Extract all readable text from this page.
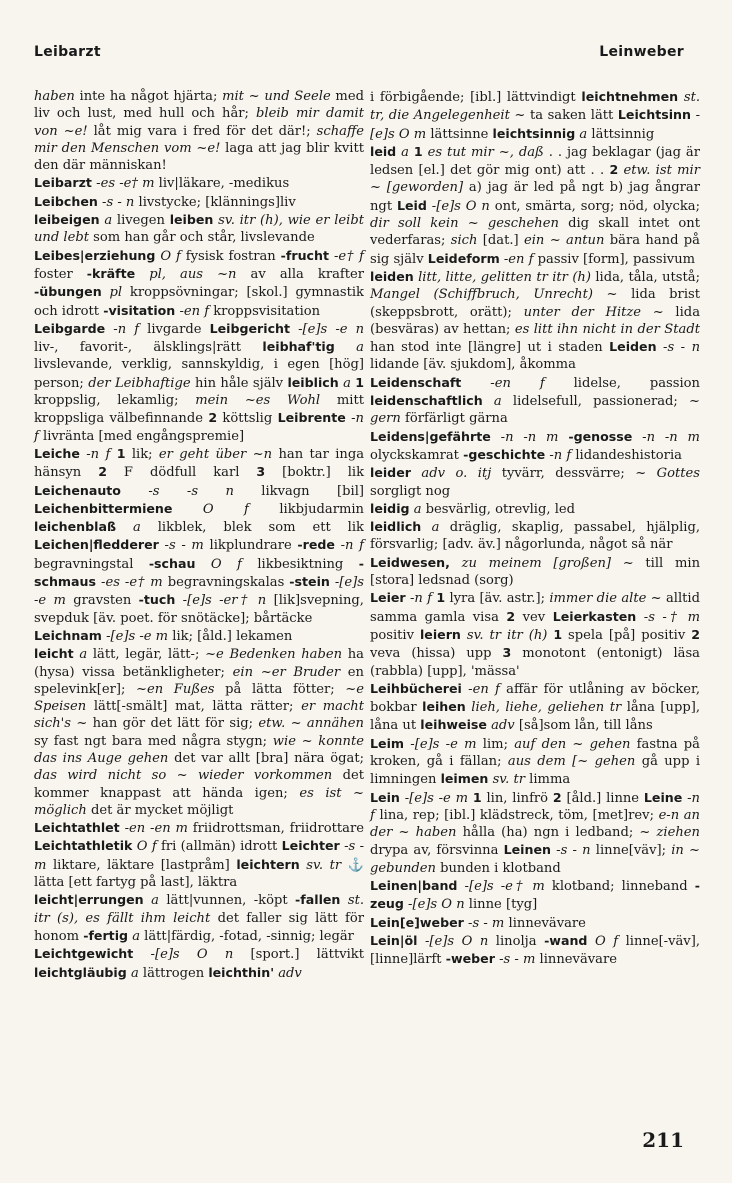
Leibarzt	Leinweber

haben inte ha något hjärta; mit ~ und Seele med liv och lust, med hull och hår; bleib mir damit von ~e! låt mig vara i fred för det där!; schaffe mir den Menschen vom ~e! laga att jag blir kvitt den där människan!

Leibarzt -es -e† m liv|läkare, -medikus

Leibchen -s - n livstycke; [klännings]liv

leibeigen a livegen leiben sv. itr (h), wie er leibt und lebt som han går och står, livslevande

Leibes|erziehung O f fysisk fostran -frucht -e† f foster -kräfte pl, aus ~n av alla krafter -übungen pl kroppsövningar; [skol.] gymnastik och idrott -visitation -en f kroppsvisitation

Leibgarde -n f livgarde Leibgericht -[e]s -e n liv-, favorit-, älsklings|rätt leibhaf'tig a livslevande, verklig, sannskyldig, i egen [hög] person; der Leibhaftige hin håle själv leiblich a 1 kroppslig, lekamlig; mein ~es Wohl mitt kroppsliga välbefinnande 2 köttslig Leibrente -n f livränta [med engångspremie]

Leiche -n f 1 lik; er geht über ~n han tar inga hänsyn 2 F dödfull karl 3 [boktr.] lik Leichenauto -s -s n likvagn [bil] Leichenbittermiene O f likbjudarmin leichenblaß a likblek, blek som ett lik Leichen|fledderer -s - m likplundrare -rede -n f begravningstal -schau O f likbesiktning -schmaus -es -e† m begravningskalas -stein -[e]s -e m gravsten -tuch -[e]s -er† n [lik]svepning, svepduk [äv. poet. för snötäcke]; bårtäcke

Leichnam -[e]s -e m lik; [åld.] lekamen

leicht a lätt, legär, lätt-; ~e Bedenken haben ha (hysa) vissa betänkligheter; ein ~er Bruder en spelevink[er]; ~en Fußes på lätta fötter; ~e Speisen lätt[-smält] mat, lätta rätter; er macht sich's ~ han gör det lätt för sig; etw. ~ annähen sy fast ngt bara med några stygn; wie ~ konnte das ins Auge gehen det var allt [bra] nära ögat; das wird nicht so ~ wieder vorkommen det kommer knappast att hända igen; es ist ~ möglich det är mycket möjligt

Leichtathlet -en -en m friidrottsman, friidrottare Leichtathletik O f fri (allmän) idrott Leichter -s - m liktare, läktare [lastpråm] leichtern sv. tr ⚓ lätta [ett fartyg på last], läktra

leicht|errungen a lätt|vunnen, -köpt -fallen st. itr (s), es fällt ihm leicht det faller sig lätt för honom -fertig a lätt|färdig, -fotad, -sinnig; legär

Leichtgewicht -[e]s O n [sport.] lättvikt leichtgläubig a lättrogen leichthin' adv

i förbigående; [ibl.] lättvindigt leichtnehmen st. tr, die Angelegenheit ~ ta saken lätt Leichtsinn -[e]s O m lättsinne leichtsinnig a lättsinnig

leid a 1 es tut mir ~, daß . . jag beklagar (jag är ledsen [el.] det gör mig ont) att . . 2 etw. ist mir ~ [geworden] a) jag är led på ngt b) jag ångrar ngt Leid -[e]s O n ont, smärta, sorg; nöd, olycka; dir soll kein ~ geschehen dig skall intet ont vederfaras; sich [dat.] ein ~ antun bära hand på sig själv Leideform -en f passiv [form], passivum

leiden litt, litte, gelitten tr itr (h) lida, tåla, utstå; Mangel (Schiffbruch, Unrecht) ~ lida brist (skeppsbrott, orätt); unter der Hitze ~ lida (besväras) av hettan; es litt ihn nicht in der Stadt han stod inte [längre] ut i staden Leiden -s - n lidande [äv. sjukdom], åkomma

Leidenschaft -en f lidelse, passion leidenschaftlich a lidelsefull, passionerad; ~ gern förfärligt gärna

Leidens|gefährte -n -n m -genosse -n -n m olyckskamrat -geschichte -n f lidandeshistoria

leider adv o. itj tyvärr, dessvärre; ~ Gottes sorgligt nog

leidig a besvärlig, otrevlig, led

leidlich a dräglig, skaplig, passabel, hjälplig, försvarlig; [adv. äv.] någorlunda, något så när

Leidwesen, zu meinem [großen] ~ till min [stora] ledsnad (sorg)

Leier -n f 1 lyra [äv. astr.]; immer die alte ~ alltid samma gamla visa 2 vev Leierkasten -s -† m positiv leiern sv. tr itr (h) 1 spela [på] positiv 2 veva (hissa) upp 3 monotont (entonigt) läsa (rabbla) [upp], 'mässa'

Leihbücherei -en f affär för utlåning av böcker, bokbar leihen lieh, liehe, geliehen tr låna [upp], låna ut leihweise adv [så]som lån, till låns

Leim -[e]s -e m lim; auf den ~ gehen fastna på kroken, gå i fällan; aus dem [~ gehen gå upp i limningen leimen sv. tr limma

Lein -[e]s -e m 1 lin, linfrö 2 [åld.] linne Leine -n f lina, rep; [ibl.] klädstreck, töm, [met]rev; e-n an der ~ haben hålla (ha) ngn i ledband; ~ ziehen drypa av, försvinna Leinen -s - n linne[väv]; in ~ gebunden bunden i klotband

Leinen|band -[e]s -e† m klotband; linneband -zeug -[e]s O n linne [tyg]

Lein[e]weber -s - m linnevävare

Lein|öl -[e]s O n linolja -wand O f linne[-väv], [linne]lärft -weber -s - m linnevävare

211
